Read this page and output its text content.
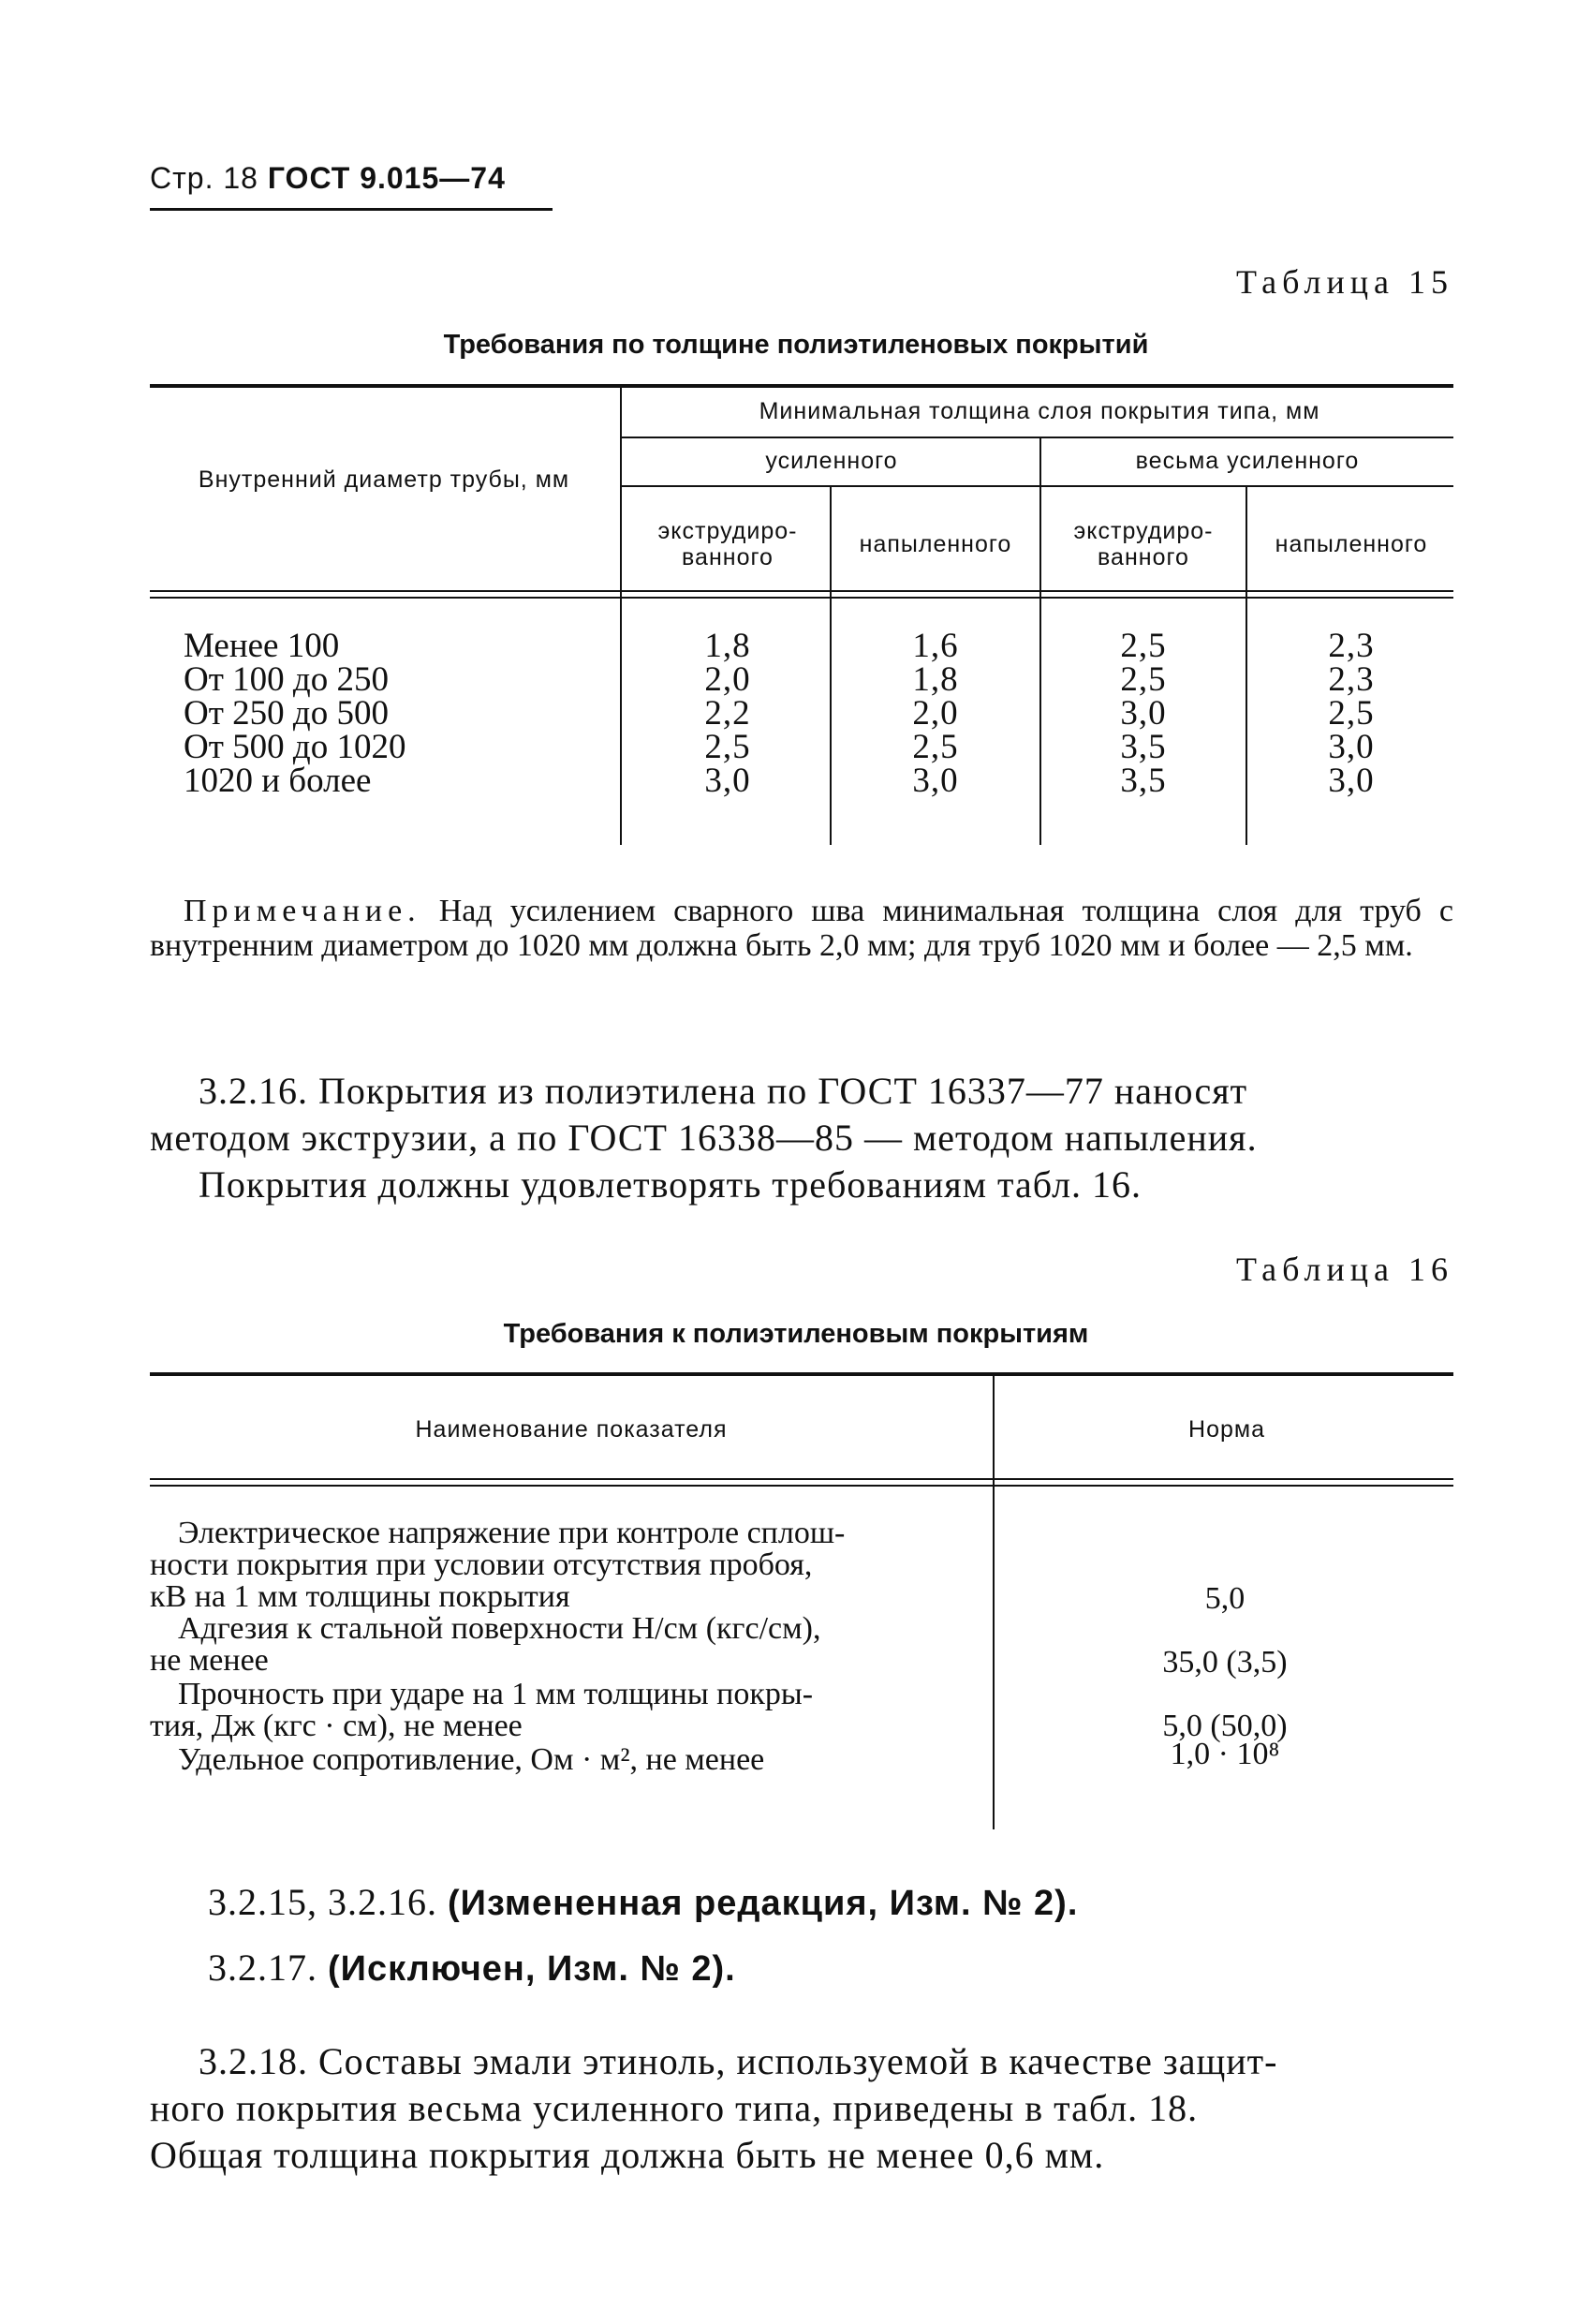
Стр. 18 ГОСТ 9.015—74
Таблица 15
Требования по толщине полиэтиленовых покрытий
Внутренний диаметр трубы, мм
Минимальная толщина слоя покрытия типа, мм
усиленного	весьма усиленного
экструдиро- ванного	напыленного	экструдиро- ванного	напыленного
Менее 100	1,8	1,6	2,5	2,3
От 100 до 250	2,0	1,8	2,5	2,3
От 250 до 500	2,2	2,0	3,0	2,5
От 500 до 1020	2,5	2,5	3,5	3,0
1020 и более	3,0	3,0	3,5	3,0
Примечание. Над усилением сварного шва минимальная толщина слоя для труб с внутренним диаметром до 1020 мм должна быть 2,0 мм; для труб 1020 мм и более — 2,5 мм.
3.2.16. Покрытия из полиэтилена по ГОСТ 16337—77 наносят
методом экструзии, а по ГОСТ 16338—85 — методом напыления.
Покрытия должны удовлетворять требованиям табл. 16.
Таблица 16
Требования к полиэтиленовым покрытиям
Наименование показателя	Норма
Электрическое напряжение при контроле сплош-
ности покрытия при условии отсутствия пробоя,
кВ на 1 мм толщины покрытия	5,0
Адгезия к стальной поверхности Н/см (кгс/см),
не менее	35,0 (3,5)
Прочность при ударе на 1 мм толщины покры-
тия, Дж (кгс · см), не менее	5,0 (50,0)
Удельное сопротивление, Ом · м², не менее	1,0 · 10⁸
3.2.15, 3.2.16. (Измененная редакция, Изм. № 2).
3.2.17. (Исключен, Изм. № 2).
3.2.18. Составы эмали этиноль, используемой в качестве защит-
ного покрытия весьма усиленного типа, приведены в табл. 18.
Общая толщина покрытия должна быть не менее 0,6 мм.
